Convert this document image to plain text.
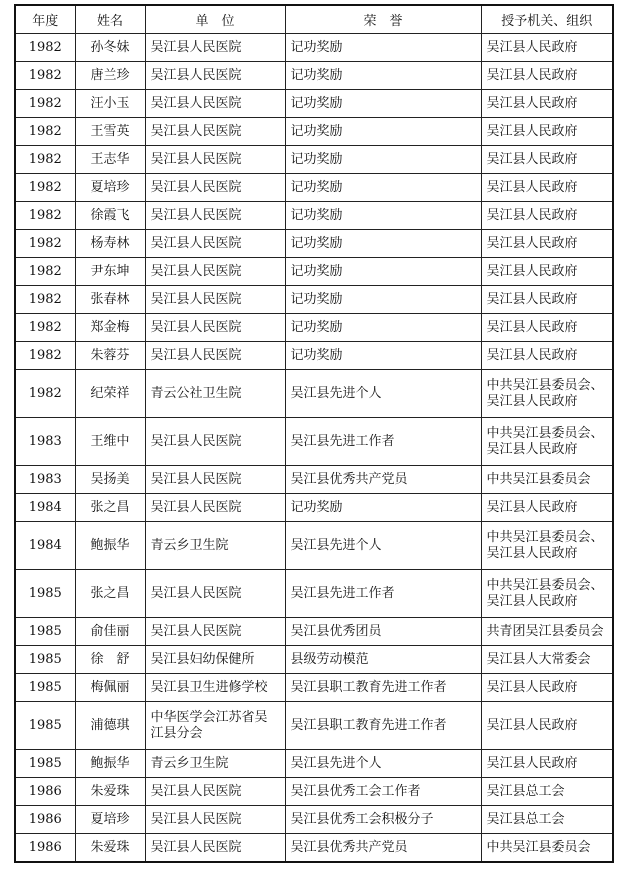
年度	姓名	单　位	荣　誉	授予机关、组织
1982	孙冬妹	吴江县人民医院	记功奖励	吴江县人民政府
1982	唐兰珍	吴江县人民医院	记功奖励	吴江县人民政府
1982	汪小玉	吴江县人民医院	记功奖励	吴江县人民政府
1982	王雪英	吴江县人民医院	记功奖励	吴江县人民政府
1982	王志华	吴江县人民医院	记功奖励	吴江县人民政府
1982	夏培珍	吴江县人民医院	记功奖励	吴江县人民政府
1982	徐霞飞	吴江县人民医院	记功奖励	吴江县人民政府
1982	杨寿林	吴江县人民医院	记功奖励	吴江县人民政府
1982	尹东坤	吴江县人民医院	记功奖励	吴江县人民政府
1982	张春林	吴江县人民医院	记功奖励	吴江县人民政府
1982	郑金梅	吴江县人民医院	记功奖励	吴江县人民政府
1982	朱蓉芬	吴江县人民医院	记功奖励	吴江县人民政府
1982	纪荣祥	青云公社卫生院	吴江县先进个人	中共吴江县委员会、吴江县人民政府
1983	王维中	吴江县人民医院	吴江县先进工作者	中共吴江县委员会、吴江县人民政府
1983	吴扬美	吴江县人民医院	吴江县优秀共产党员	中共吴江县委员会
1984	张之昌	吴江县人民医院	记功奖励	吴江县人民政府
1984	鲍振华	青云乡卫生院	吴江县先进个人	中共吴江县委员会、吴江县人民政府
1985	张之昌	吴江县人民医院	吴江县先进工作者	中共吴江县委员会、吴江县人民政府
1985	俞佳丽	吴江县人民医院	吴江县优秀团员	共青团吴江县委员会
1985	徐　舒	吴江县妇幼保健所	县级劳动模范	吴江县人大常委会
1985	梅佩丽	吴江县卫生进修学校	吴江县职工教育先进工作者	吴江县人民政府
1985	浦德琪	中华医学会江苏省吴江县分会	吴江县职工教育先进工作者	吴江县人民政府
1985	鲍振华	青云乡卫生院	吴江县先进个人	吴江县人民政府
1986	朱爱珠	吴江县人民医院	吴江县优秀工会工作者	吴江县总工会
1986	夏培珍	吴江县人民医院	吴江县优秀工会积极分子	吴江县总工会
1986	朱爱珠	吴江县人民医院	吴江县优秀共产党员	中共吴江县委员会
